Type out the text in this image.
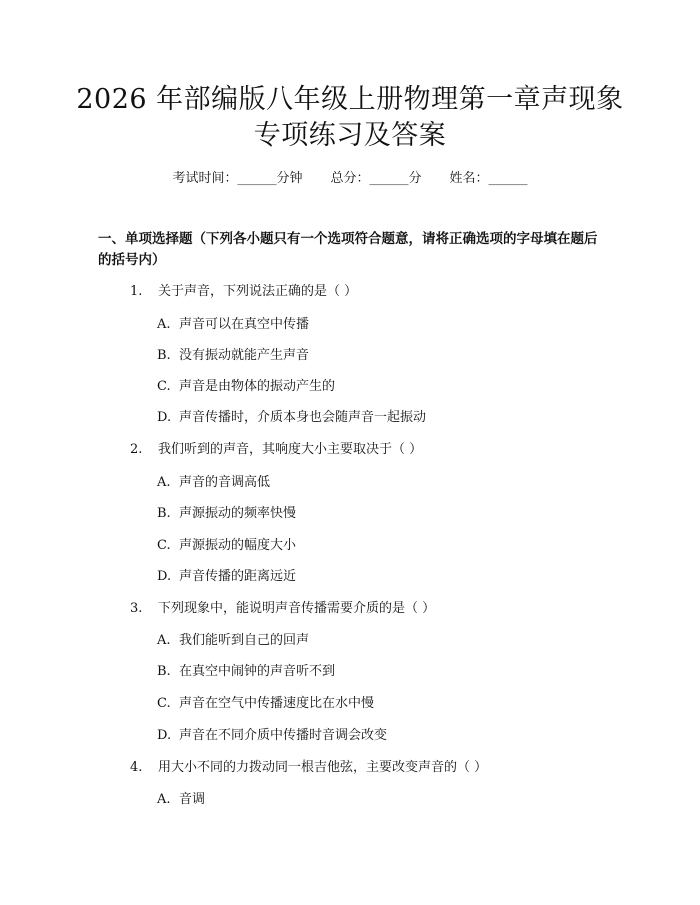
2026 年部编版八年级上册物理第一章声现象
专项练习及答案
考试时间：______分钟 总分：______分 姓名：______
一、单项选择题（下列各小题只有一个选项符合题意，请将正确选项的字母填在题后的括号内）
1. 关于声音，下列说法正确的是（ ）
A. 声音可以在真空中传播
B. 没有振动就能产生声音
C. 声音是由物体的振动产生的
D. 声音传播时，介质本身也会随声音一起振动
2. 我们听到的声音，其响度大小主要取决于（ ）
A. 声音的音调高低
B. 声源振动的频率快慢
C. 声源振动的幅度大小
D. 声音传播的距离远近
3. 下列现象中，能说明声音传播需要介质的是（ ）
A. 我们能听到自己的回声
B. 在真空中闹钟的声音听不到
C. 声音在空气中传播速度比在水中慢
D. 声音在不同介质中传播时音调会改变
4. 用大小不同的力拨动同一根吉他弦，主要改变声音的（ ）
A. 音调
